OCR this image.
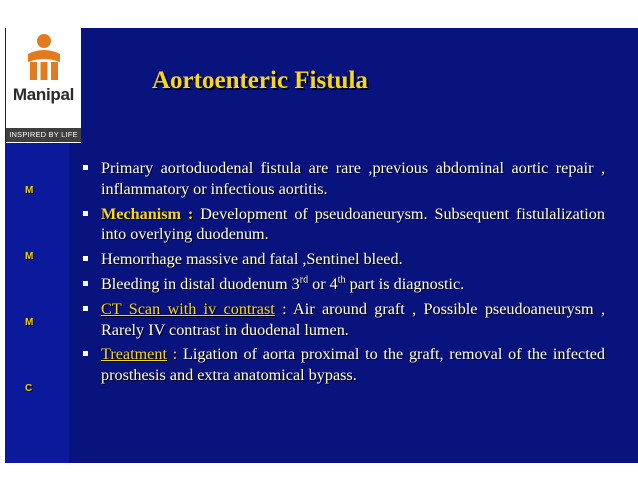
M
M
M
C
Manipal
INSPIRED BY LIFE
Aortoenteric Fistula
Primary aortoduodenal fistula are rare ,previous abdominal aortic repair , inflammatory or infectious aortitis.
Mechanism : Development of pseudoaneurysm. Subsequent fistulalization into overlying duodenum.
Hemorrhage massive and fatal ,Sentinel bleed.
Bleeding in distal duodenum 3rd or 4th part is diagnostic.
CT Scan with iv contrast : Air around graft , Possible pseudoaneurysm , Rarely IV contrast in duodenal lumen.
Treatment : Ligation of aorta proximal to the graft, removal of the infected prosthesis and extra anatomical bypass.
